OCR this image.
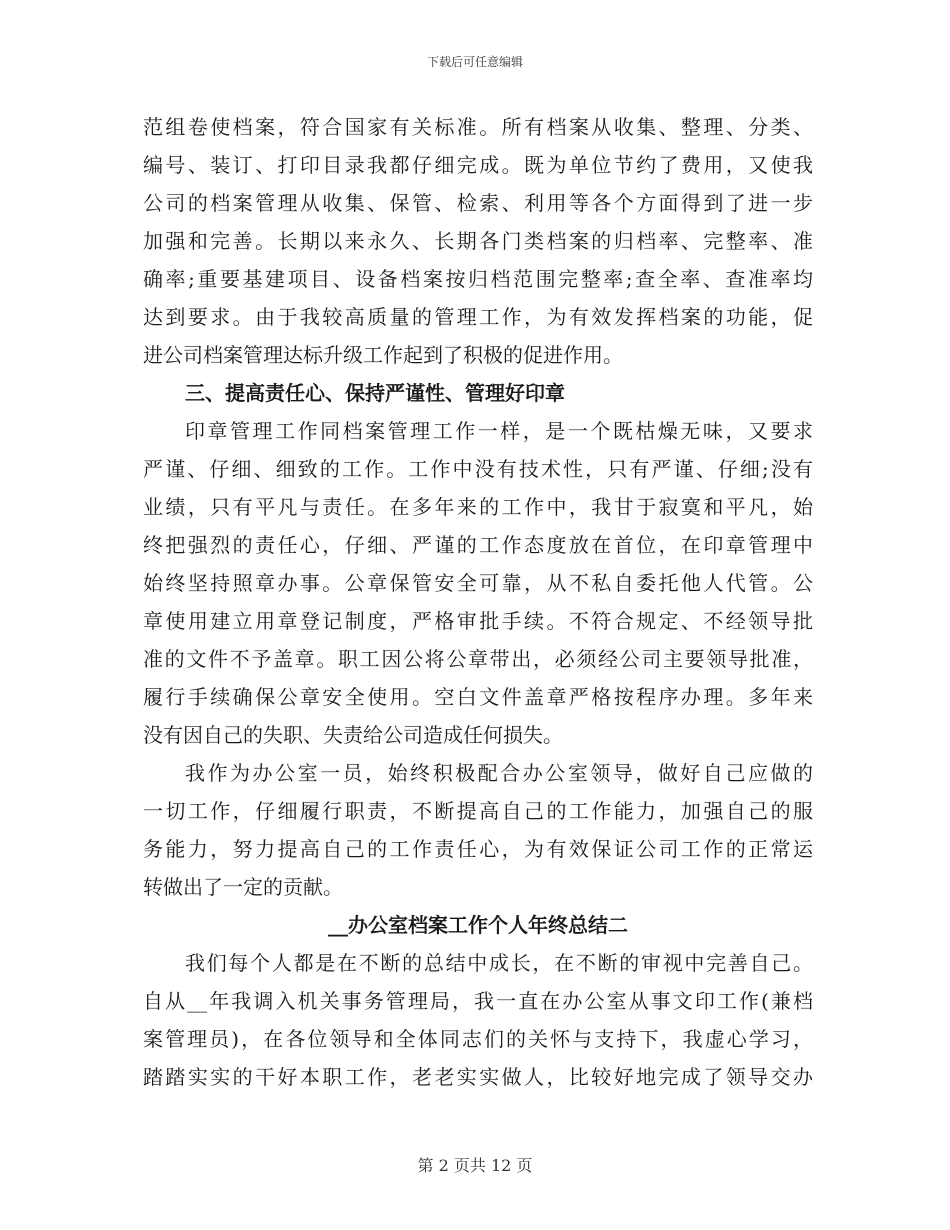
下载后可任意编辑
范组卷使档案，符合国家有关标准。所有档案从收集、整理、分类、
编号、装订、打印目录我都仔细完成。既为单位节约了费用，又使我
公司的档案管理从收集、保管、检索、利用等各个方面得到了进一步
加强和完善。长期以来永久、长期各门类档案的归档率、完整率、准
确率;重要基建项目、设备档案按归档范围完整率;查全率、查准率均
达到要求。由于我较高质量的管理工作，为有效发挥档案的功能，促
进公司档案管理达标升级工作起到了积极的促进作用。
三、提高责任心、保持严谨性、管理好印章
印章管理工作同档案管理工作一样，是一个既枯燥无味，又要求
严谨、仔细、细致的工作。工作中没有技术性，只有严谨、仔细;没有
业绩，只有平凡与责任。在多年来的工作中，我甘于寂寞和平凡，始
终把强烈的责任心，仔细、严谨的工作态度放在首位，在印章管理中
始终坚持照章办事。公章保管安全可靠，从不私自委托他人代管。公
章使用建立用章登记制度，严格审批手续。不符合规定、不经领导批
准的文件不予盖章。职工因公将公章带出，必须经公司主要领导批准，
履行手续确保公章安全使用。空白文件盖章严格按程序办理。多年来
没有因自己的失职、失责给公司造成任何损失。
我作为办公室一员，始终积极配合办公室领导，做好自己应做的
一切工作，仔细履行职责，不断提高自己的工作能力，加强自己的服
务能力，努力提高自己的工作责任心，为有效保证公司工作的正常运
转做出了一定的贡献。
__办公室档案工作个人年终总结二
我们每个人都是在不断的总结中成长，在不断的审视中完善自己。
自从__年我调入机关事务管理局，我一直在办公室从事文印工作(兼档
案管理员)，在各位领导和全体同志们的关怀与支持下，我虚心学习，
踏踏实实的干好本职工作，老老实实做人，比较好地完成了领导交办
第 2 页共 12 页
